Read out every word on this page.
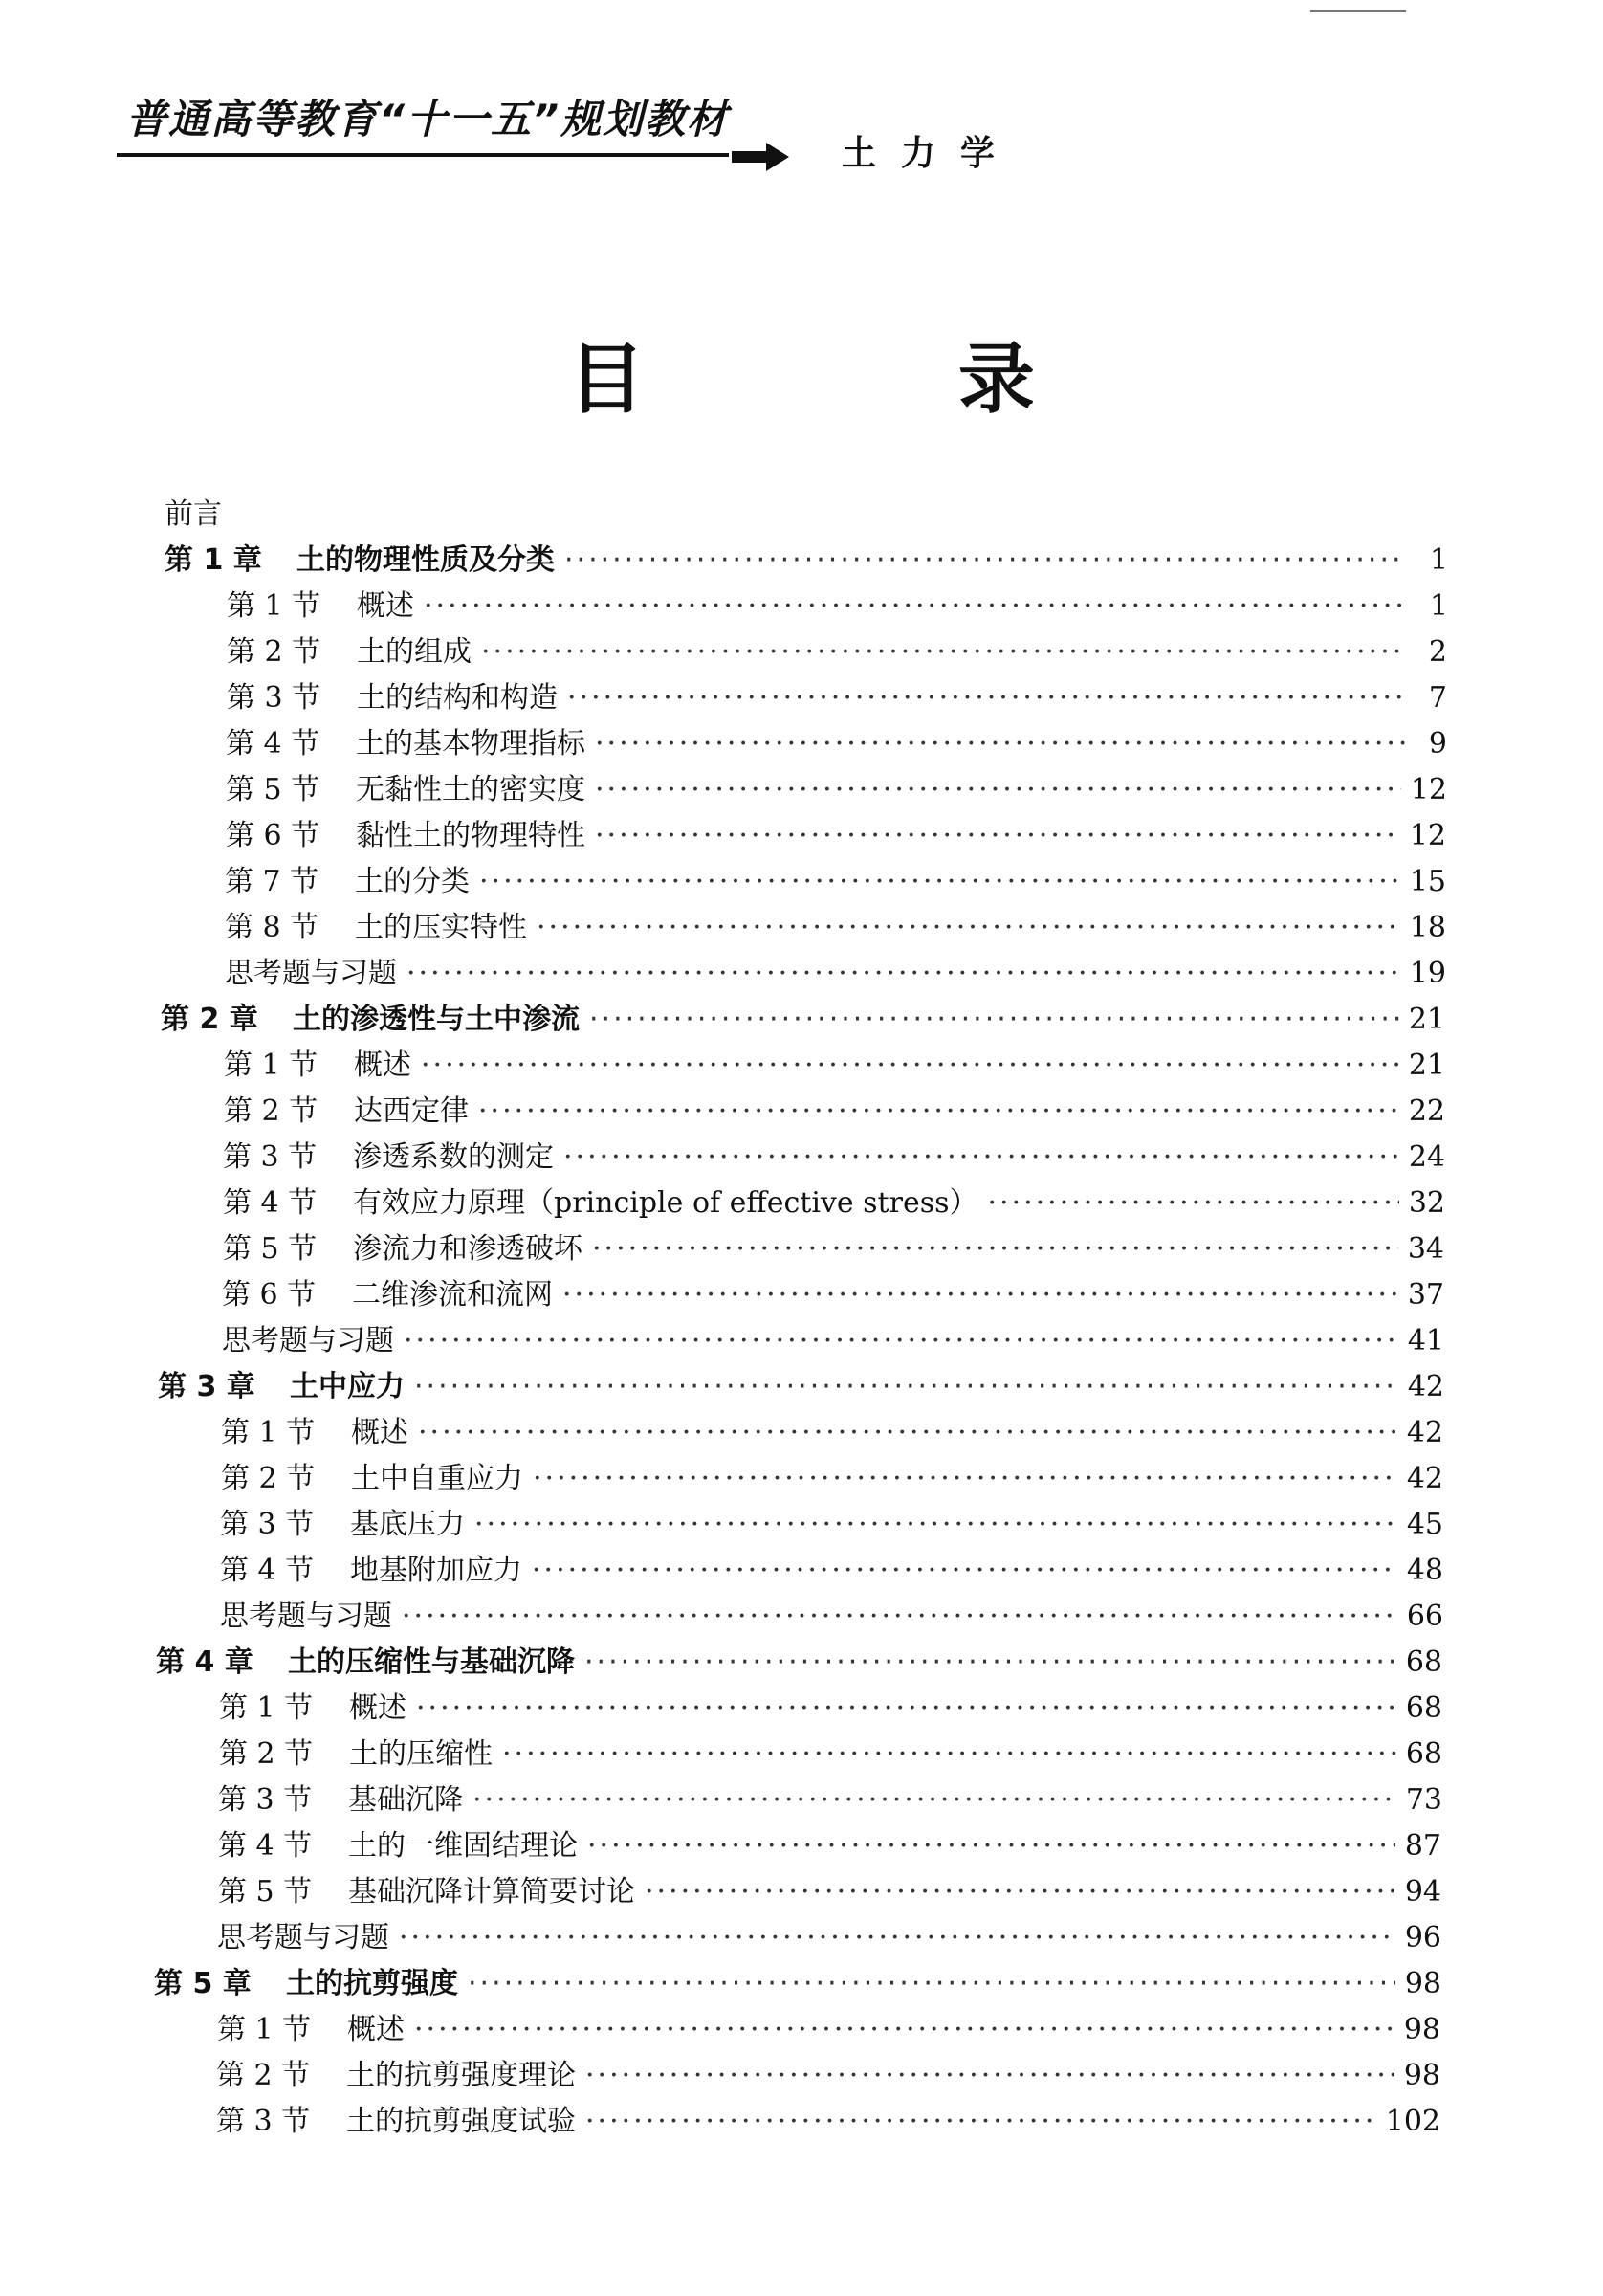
普通高等教育“十一五”规划教材
土力学
目 录
前言
第 1 章	土的物理性质及分类 ·····	1
第 1 节	概述 ·····	1
第 2 节	土的组成 ·····	2
第 3 节	土的结构和构造 ·····	7
第 4 节	土的基本物理指标 ·····	9
第 5 节	无黏性土的密实度 ·····	12
第 6 节	黏性土的物理特性 ·····	12
第 7 节	土的分类 ·····	15
第 8 节	土的压实特性 ·····	18
思考题与习题 ·····	19
第 2 章	土的渗透性与土中渗流 ·····	21
第 1 节	概述 ·····	21
第 2 节	达西定律 ·····	22
第 3 节	渗透系数的测定 ·····	24
第 4 节	有效应力原理（principle of effective stress） ·····	32
第 5 节	渗流力和渗透破坏 ·····	34
第 6 节	二维渗流和流网 ·····	37
思考题与习题 ·····	41
第 3 章	土中应力 ·····	42
第 1 节	概述 ·····	42
第 2 节	土中自重应力 ·····	42
第 3 节	基底压力 ·····	45
第 4 节	地基附加应力 ·····	48
思考题与习题 ·····	66
第 4 章	土的压缩性与基础沉降 ·····	68
第 1 节	概述 ·····	68
第 2 节	土的压缩性 ·····	68
第 3 节	基础沉降 ·····	73
第 4 节	土的一维固结理论 ·····	87
第 5 节	基础沉降计算简要讨论 ·····	94
思考题与习题 ·····	96
第 5 章	土的抗剪强度 ·····	98
第 1 节	概述 ·····	98
第 2 节	土的抗剪强度理论 ·····	98
第 3 节	土的抗剪强度试验 ·····	102
